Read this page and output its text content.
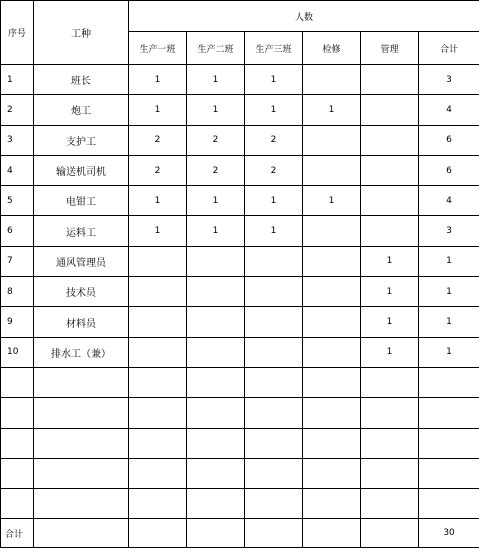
序号	工种	人数					
		生产一班	生产二班	生产三班	检修	管理	合计
1	班长	1	1	1			3
2	炮工	1	1	1	1		4
3	支护工	2	2	2			6
4	输送机司机	2	2	2			6
5	电钳工	1	1	1	1		4
6	运料工	1	1	1			3
7	通风管理员					1	1
8	技术员					1	1
9	材料员					1	1
10	排水工（兼）					1	1

合计							30
